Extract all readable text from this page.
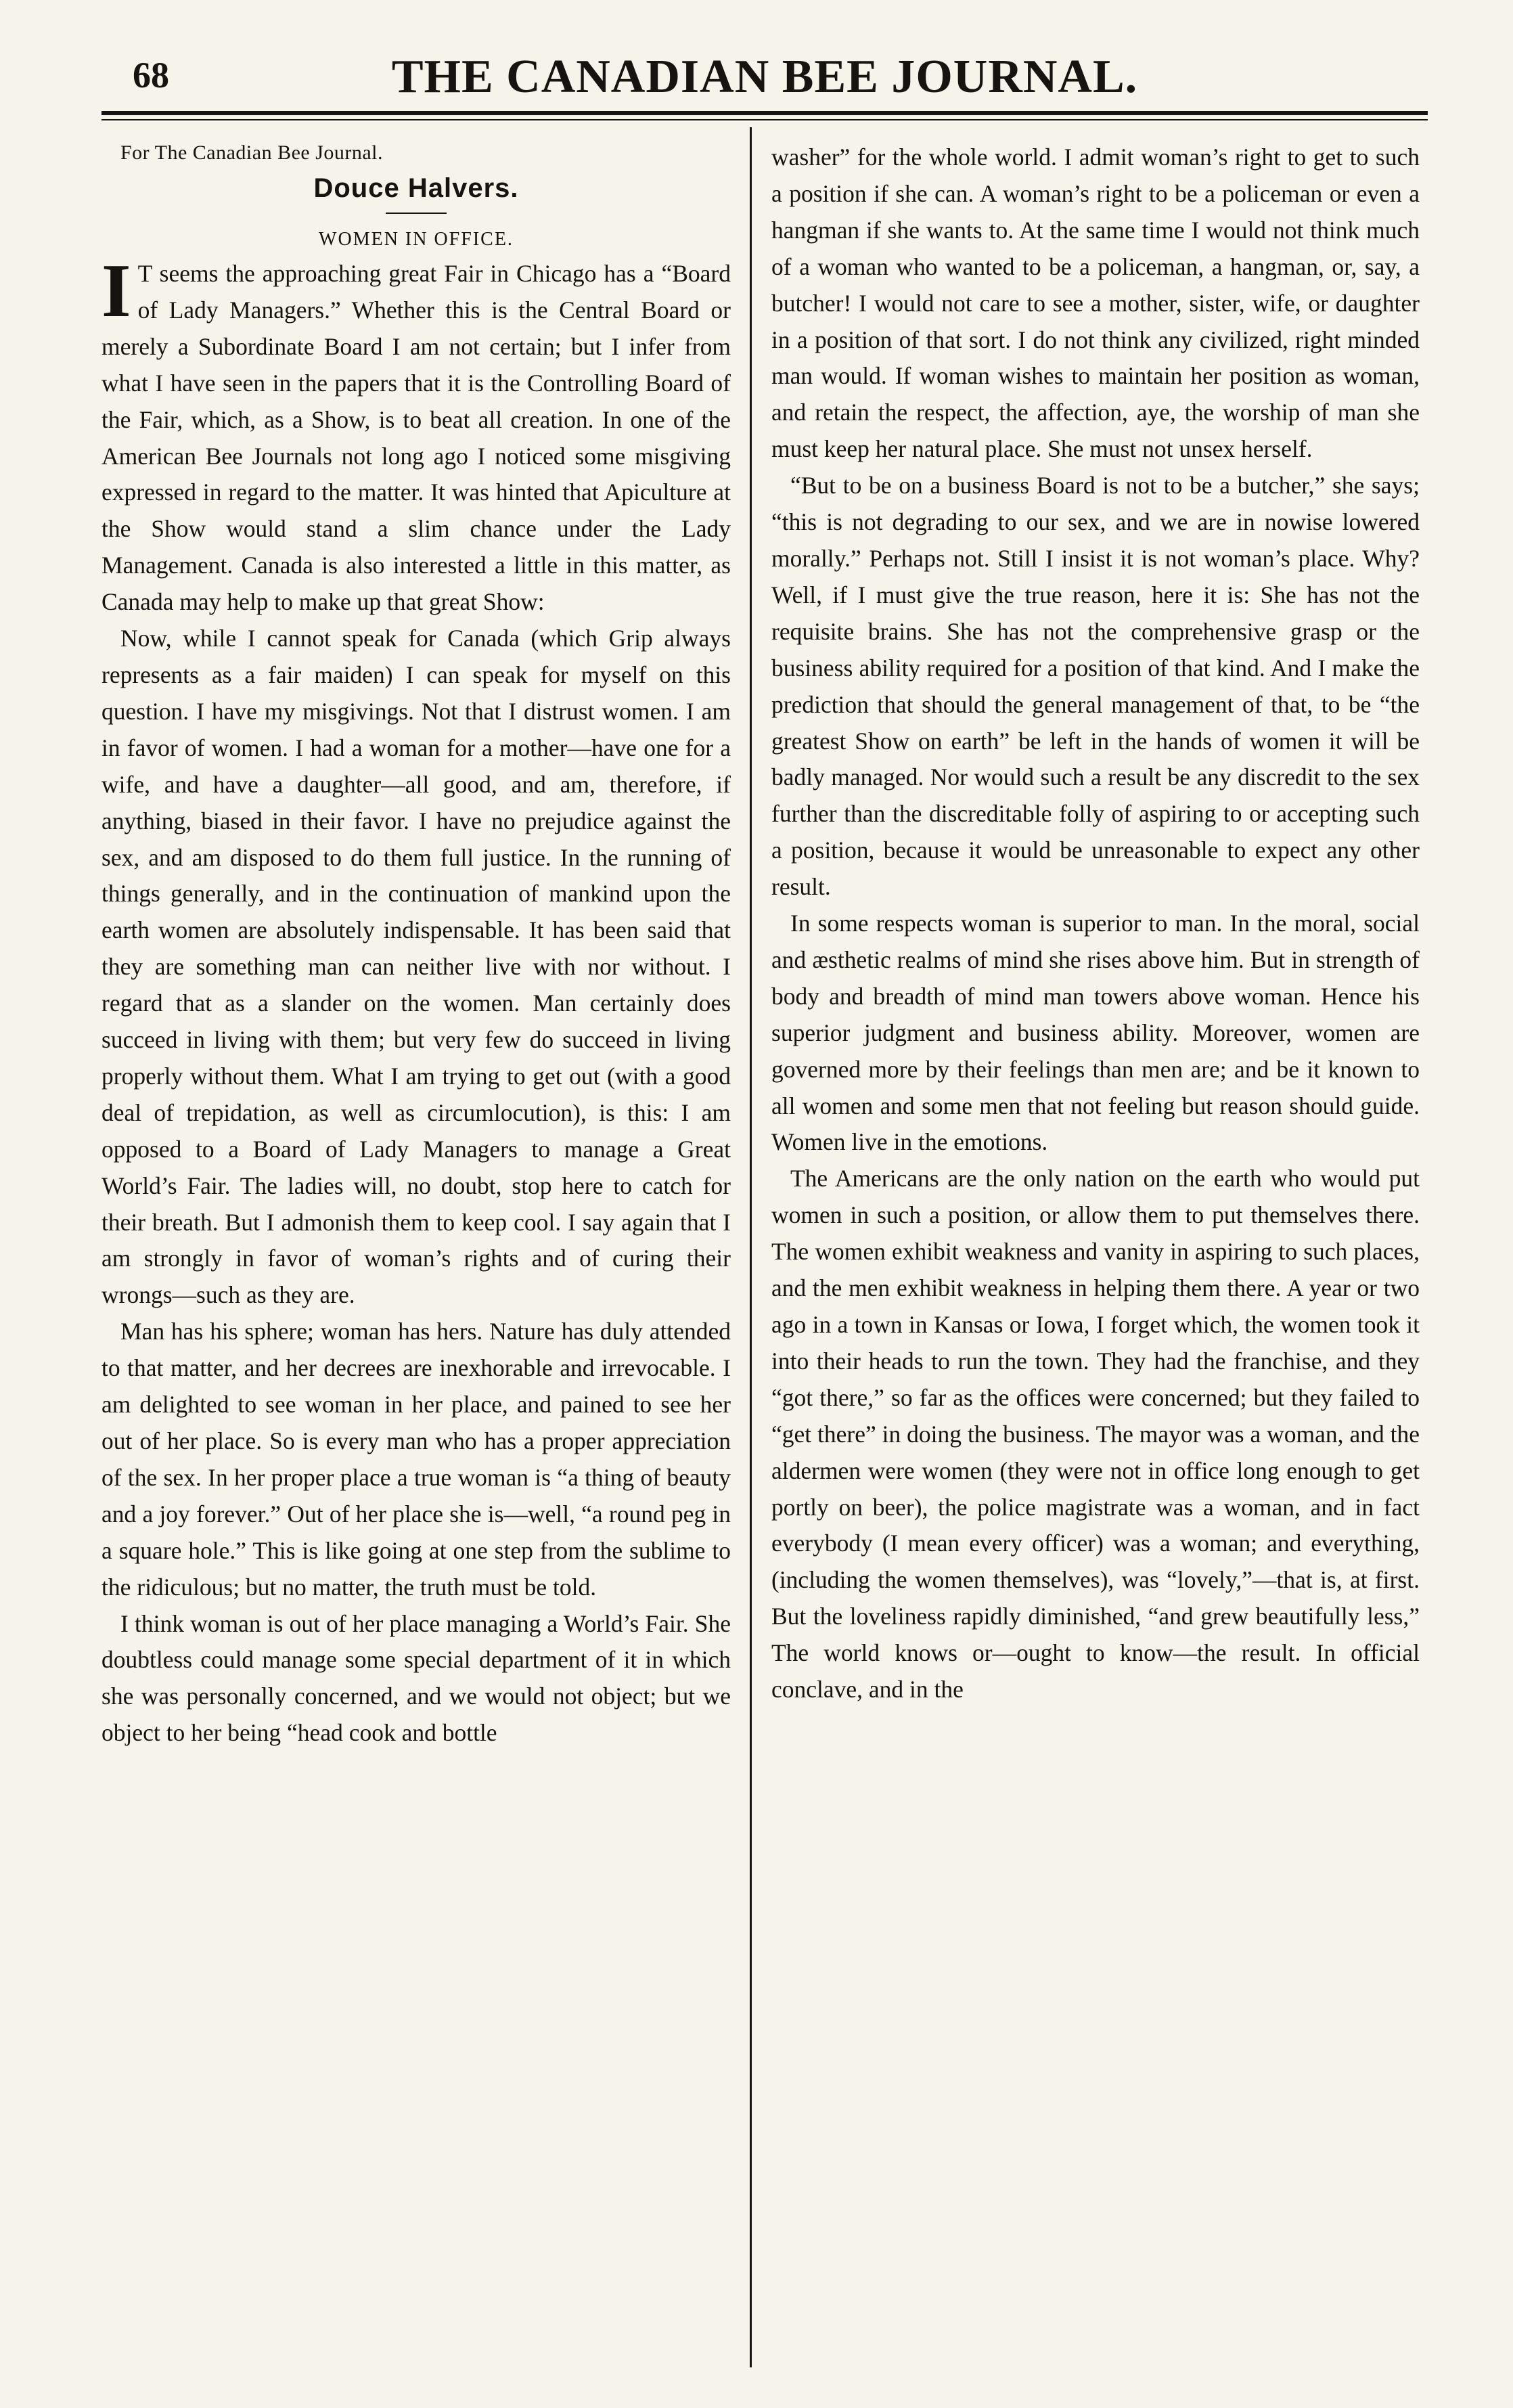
68	THE CANADIAN BEE JOURNAL.

For The Canadian Bee Journal.

Douce Halvers.
WOMEN IN OFFICE.

I T seems the approaching great Fair in Chicago has a “Board of Lady Managers.” Whether this is the Central Board or merely a Subordinate Board I am not certain; but I infer from what I have seen in the papers that it is the Controlling Board of the Fair, which, as a Show, is to beat all creation. In one of the American Bee Journals not long ago I noticed some misgiving expressed in regard to the matter. It was hinted that Apiculture at the Show would stand a slim chance under the Lady Management. Canada is also interested a little in this matter, as Canada may help to make up that great Show:

Now, while I cannot speak for Canada (which Grip always represents as a fair maiden) I can speak for myself on this question. I have my misgivings. Not that I distrust women. I am in favor of women. I had a woman for a mother—have one for a wife, and have a daughter—all good, and am, therefore, if anything, biased in their favor. I have no prejudice against the sex, and am disposed to do them full justice. In the running of things generally, and in the continuation of mankind upon the earth women are absolutely indispensable. It has been said that they are something man can neither live with nor without. I regard that as a slander on the women. Man certainly does succeed in living with them; but very few do succeed in living properly without them. What I am trying to get out (with a good deal of trepidation, as well as circumlocution), is this: I am opposed to a Board of Lady Managers to manage a Great World’s Fair. The ladies will, no doubt, stop here to catch for their breath. But I admonish them to keep cool. I say again that I am strongly in favor of woman’s rights and of curing their wrongs—such as they are.

Man has his sphere; woman has hers. Nature has duly attended to that matter, and her decrees are inexhorable and irrevocable. I am delighted to see woman in her place, and pained to see her out of her place. So is every man who has a proper appreciation of the sex. In her proper place a true woman is “a thing of beauty and a joy forever.” Out of her place she is—well, “a round peg in a square hole.” This is like going at one step from the sublime to the ridiculous; but no matter, the truth must be told.

I think woman is out of her place managing a World’s Fair. She doubtless could manage some special department of it in which she was personally concerned, and we would not object; but we object to her being “head cook and bottle

washer” for the whole world. I admit woman’s right to get to such a position if she can. A woman’s right to be a policeman or even a hangman if she wants to. At the same time I would not think much of a woman who wanted to be a policeman, a hangman, or, say, a butcher! I would not care to see a mother, sister, wife, or daughter in a position of that sort. I do not think any civilized, right minded man would. If woman wishes to maintain her position as woman, and retain the respect, the affection, aye, the worship of man she must keep her natural place. She must not unsex herself.

“But to be on a business Board is not to be a butcher,” she says; “this is not degrading to our sex, and we are in nowise lowered morally.” Perhaps not. Still I insist it is not woman’s place. Why? Well, if I must give the true reason, here it is: She has not the requisite brains. She has not the comprehensive grasp or the business ability required for a position of that kind. And I make the prediction that should the general management of that, to be “the greatest Show on earth” be left in the hands of women it will be badly managed. Nor would such a result be any discredit to the sex further than the discreditable folly of aspiring to or accepting such a position, because it would be unreasonable to expect any other result.

In some respects woman is superior to man. In the moral, social and æsthetic realms of mind she rises above him. But in strength of body and breadth of mind man towers above woman. Hence his superior judgment and business ability. Moreover, women are governed more by their feelings than men are; and be it known to all women and some men that not feeling but reason should guide. Women live in the emotions.

The Americans are the only nation on the earth who would put women in such a position, or allow them to put themselves there. The women exhibit weakness and vanity in aspiring to such places, and the men exhibit weakness in helping them there. A year or two ago in a town in Kansas or Iowa, I forget which, the women took it into their heads to run the town. They had the franchise, and they “got there,” so far as the offices were concerned; but they failed to “get there” in doing the business. The mayor was a woman, and the aldermen were women (they were not in office long enough to get portly on beer), the police magistrate was a woman, and in fact everybody (I mean every officer) was a woman; and everything, (including the women themselves), was “lovely,”—that is, at first. But the loveliness rapidly diminished, “and grew beautifully less,” The world knows or—ought to know—the result. In official conclave, and in the
